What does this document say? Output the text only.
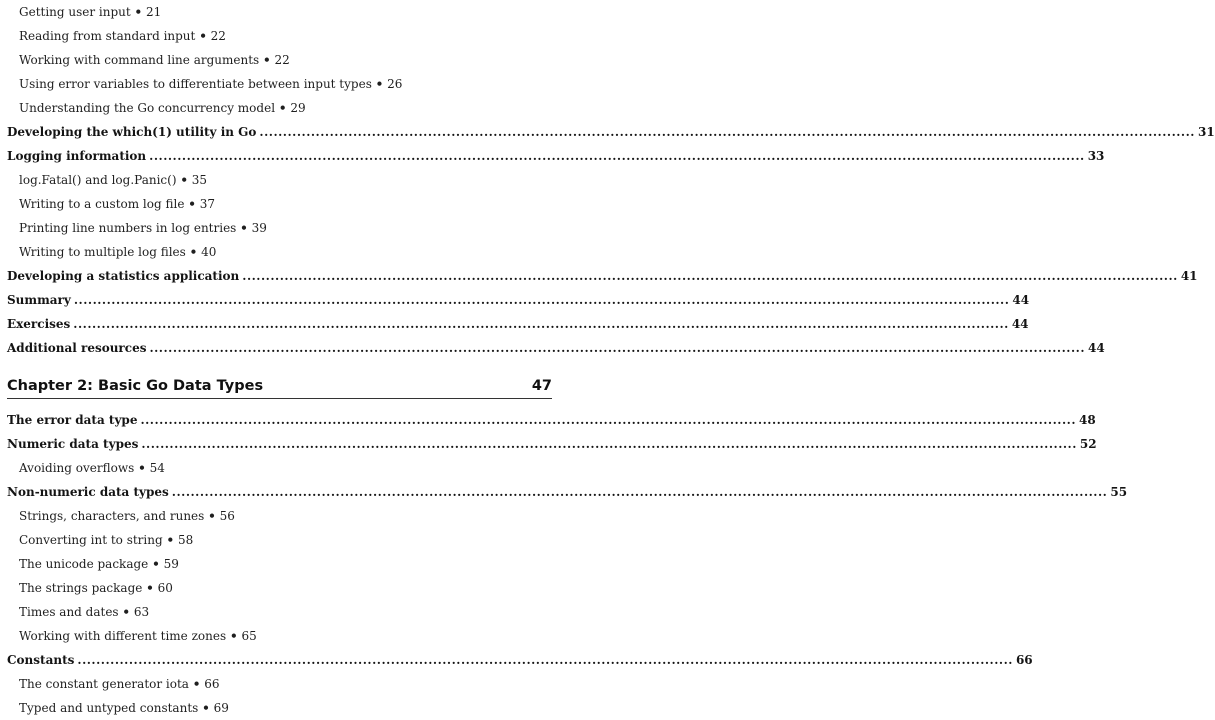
Getting user input • 21
Reading from standard input • 22
Working with command line arguments • 22
Using error variables to differentiate between input types • 26
Understanding the Go concurrency model • 29
Developing the which(1) utility in Go ........................................................................................................................................................................................................ 31
Logging information ........................................................................................................................................................................................................ 33
log.Fatal() and log.Panic() • 35
Writing to a custom log file • 37
Printing line numbers in log entries • 39
Writing to multiple log files • 40
Developing a statistics application ........................................................................................................................................................................................................ 41
Summary ........................................................................................................................................................................................................ 44
Exercises ........................................................................................................................................................................................................ 44
Additional resources ........................................................................................................................................................................................................ 44
Chapter 2: Basic Go Data Types	47
The error data type ........................................................................................................................................................................................................ 48
Numeric data types ........................................................................................................................................................................................................ 52
Avoiding overflows • 54
Non-numeric data types ........................................................................................................................................................................................................ 55
Strings, characters, and runes • 56
Converting int to string • 58
The unicode package • 59
The strings package • 60
Times and dates • 63
Working with different time zones • 65
Constants ........................................................................................................................................................................................................ 66
The constant generator iota • 66
Typed and untyped constants • 69
